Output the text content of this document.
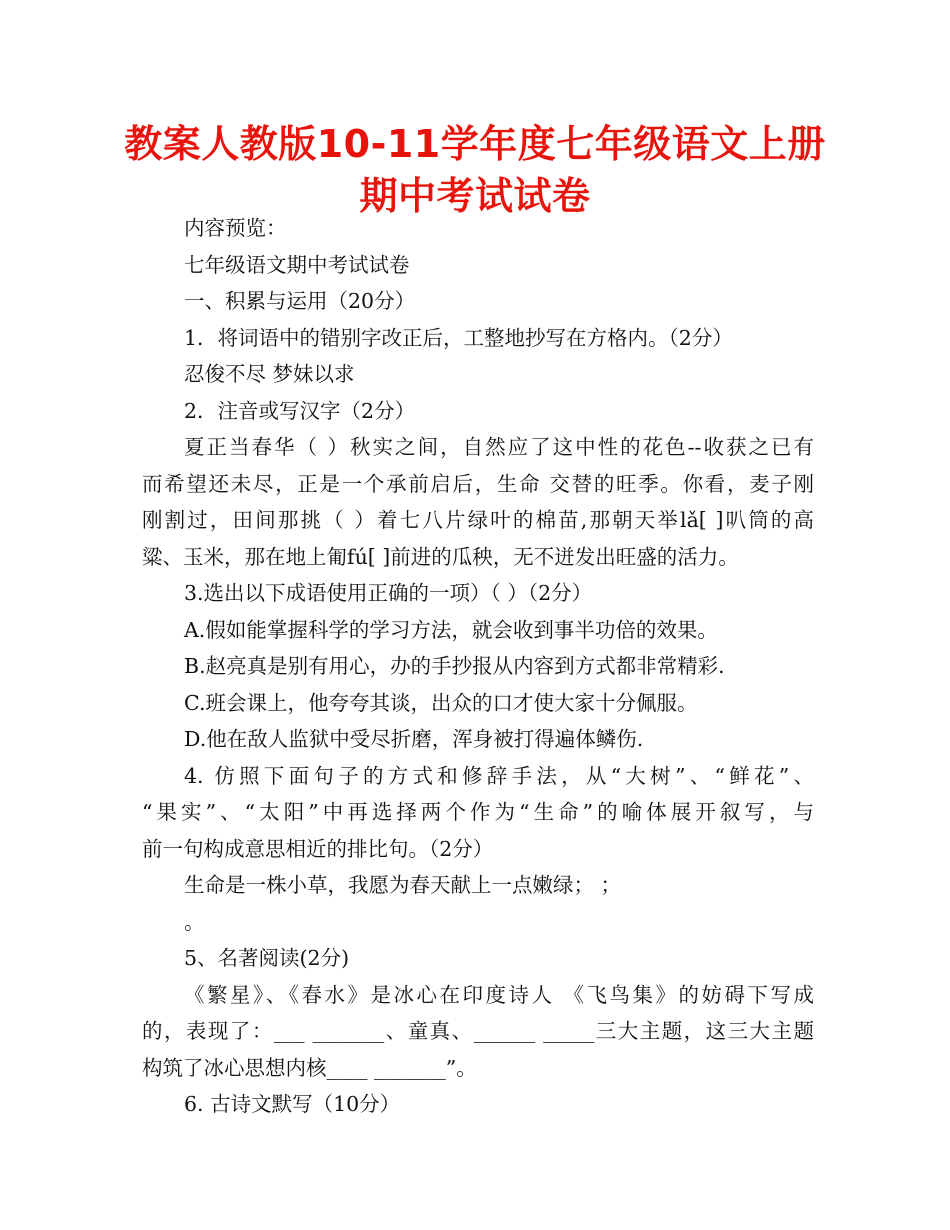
教案人教版10-11学年度七年级语文上册
期中考试试卷
内容预览：
七年级语文期中考试试卷
一、积累与运用（20分）
1．将词语中的错别字改正后，工整地抄写在方格内。（2分）
忍俊不尽 梦妹以求
2．注音或写汉字（2分）
夏正当春华（ ）秋实之间，自然应了这中性的花色--收获之已有
而希望还未尽，正是一个承前启后，生命 交替的旺季。你看，麦子刚
刚割过，田间那挑（ ）着七八片绿叶的棉苗,那朝天举lǎ[ ]叭筒的高
粱、玉米，那在地上匍fú[ ]前进的瓜秧，无不迸发出旺盛的活力。
3.选出以下成语使用正确的一项）（ ）（2分）
A.假如能掌握科学的学习方法，就会收到事半功倍的效果。
B.赵亮真是别有用心，办的手抄报从内容到方式都非常精彩.
C.班会课上，他夸夸其谈，出众的口才使大家十分佩服。
D.他在敌人监狱中受尽折磨，浑身被打得遍体鳞伤.
4. 仿照下面句子的方式和修辞手法，从“大树”、“鲜花”、
“果实”、“太阳”中再选择两个作为“生命”的喻体展开叙写，与
前一句构成意思相近的排比句。（2分）
生命是一株小草，我愿为春天献上一点嫩绿； ；
。
5、名著阅读(2分)
《繁星》、《春水》是冰心在印度诗人 《飞鸟集》的妨碍下写成
的，表现了：___ _______、童真、______ _____三大主题，这三大主题
构筑了冰心思想内核____ _______”。
6. 古诗文默写（10分）
